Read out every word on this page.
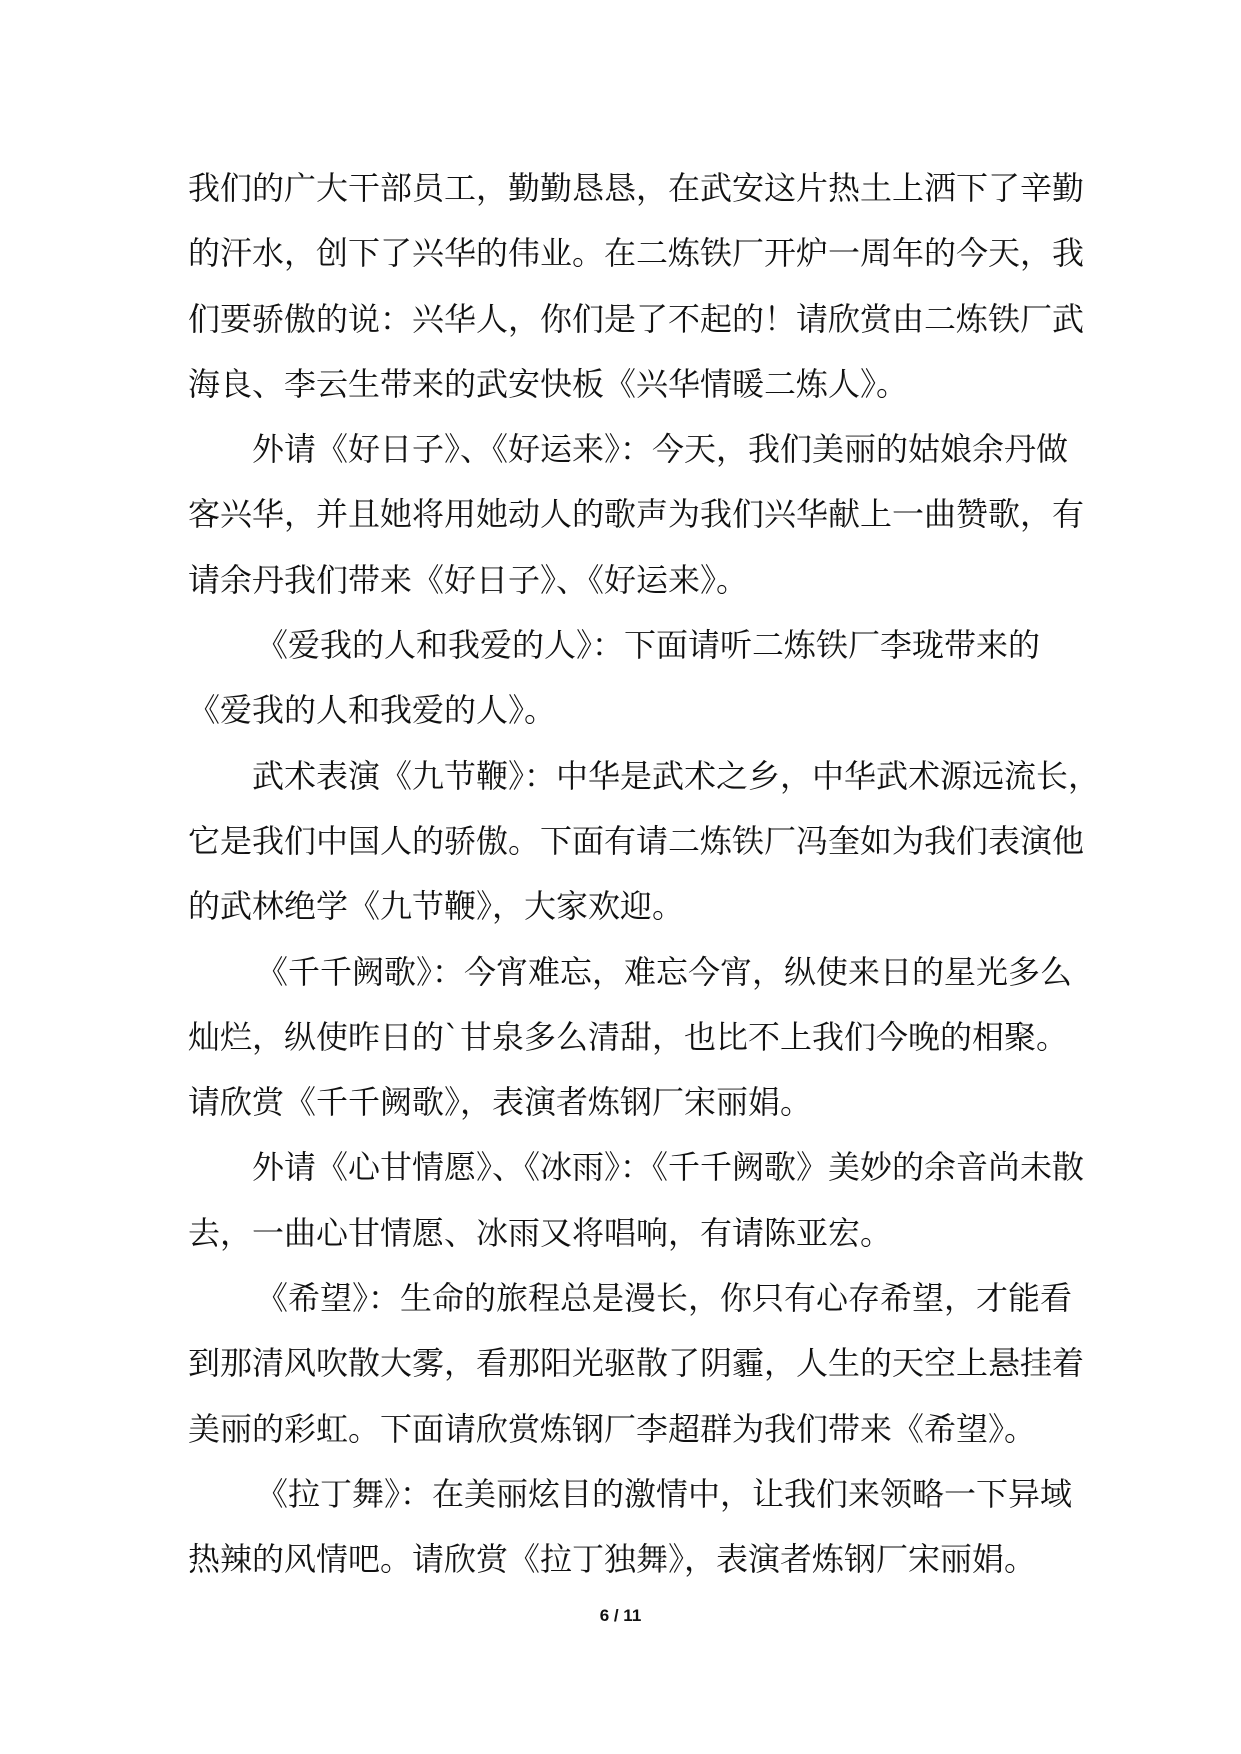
我们的广大干部员工，勤勤恳恳，在武安这片热土上洒下了辛勤
的汗水，创下了兴华的伟业。在二炼铁厂开炉一周年的今天，我
们要骄傲的说：兴华人，你们是了不起的！请欣赏由二炼铁厂武
海良、李云生带来的武安快板《兴华情暖二炼人》。
外请《好日子》、《好运来》：今天，我们美丽的姑娘余丹做
客兴华，并且她将用她动人的歌声为我们兴华献上一曲赞歌，有
请余丹我们带来《好日子》、《好运来》。
《爱我的人和我爱的人》：下面请听二炼铁厂李珑带来的
《爱我的人和我爱的人》。
武术表演《九节鞭》：中华是武术之乡，中华武术源远流长，
它是我们中国人的骄傲。下面有请二炼铁厂冯奎如为我们表演他
的武林绝学《九节鞭》，大家欢迎。
《千千阙歌》：今宵难忘，难忘今宵，纵使来日的星光多么
灿烂，纵使昨日的`甘泉多么清甜，也比不上我们今晚的相聚。
请欣赏《千千阙歌》，表演者炼钢厂宋丽娟。
外请《心甘情愿》、《冰雨》：《千千阙歌》美妙的余音尚未散
去，一曲心甘情愿、冰雨又将唱响，有请陈亚宏。
《希望》：生命的旅程总是漫长，你只有心存希望，才能看
到那清风吹散大雾，看那阳光驱散了阴霾，人生的天空上悬挂着
美丽的彩虹。下面请欣赏炼钢厂李超群为我们带来《希望》。
《拉丁舞》：在美丽炫目的激情中，让我们来领略一下异域
热辣的风情吧。请欣赏《拉丁独舞》，表演者炼钢厂宋丽娟。
6 / 11
